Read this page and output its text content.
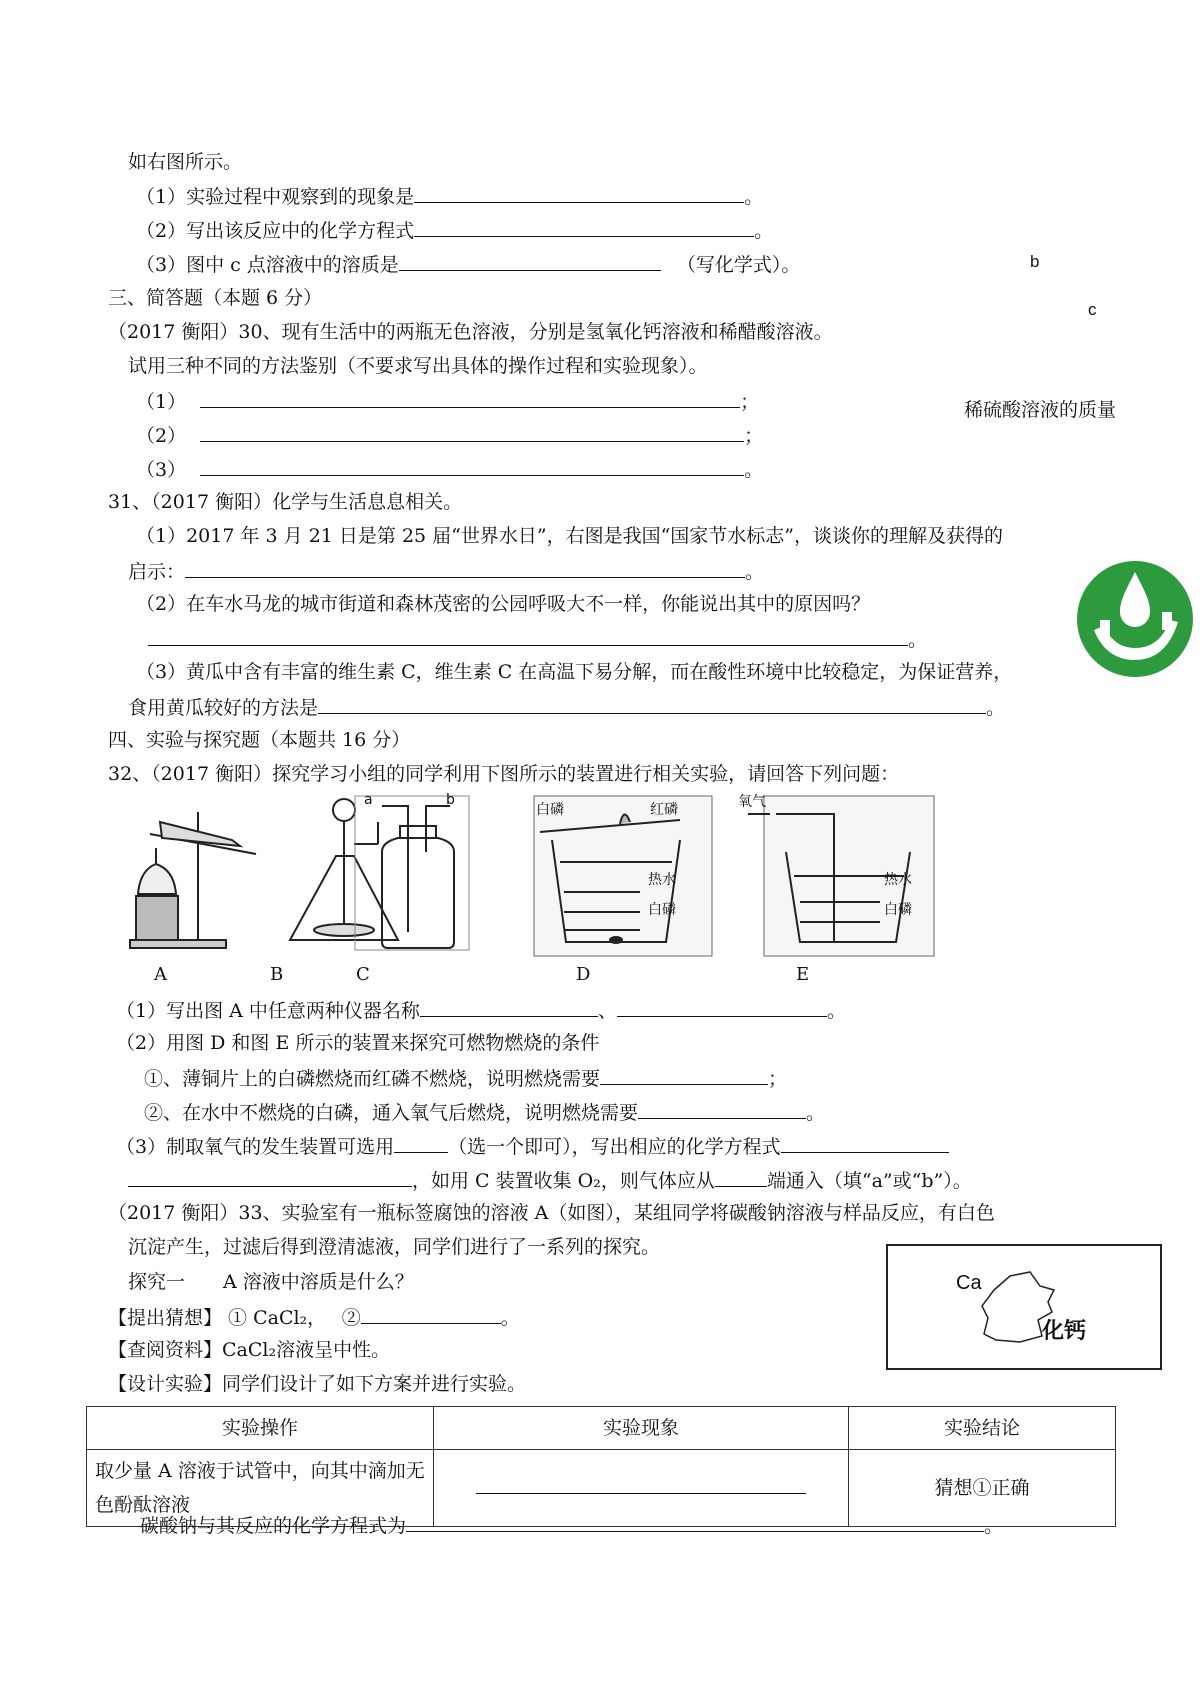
如右图所示。
（1）实验过程中观察到的现象是	。
（2）写出该反应中的化学方程式	。
（3）图中 c 点溶液中的溶质是	（写化学式）。
三、简答题（本题 6 分）
（2017 衡阳）30、现有生活中的两瓶无色溶液，分别是氢氧化钙溶液和稀醋酸溶液。
试用三种不同的方法鉴别（不要求写出具体的操作过程和实验现象）。
（1）	；
（2）	；
（3）	。
31、（2017 衡阳）化学与生活息息相关。
（1）2017 年 3 月 21 日是第 25 届“世界水日”，右图是我国“国家节水标志”，谈谈你的理解及获得的
启示：	。
（2）在车水马龙的城市街道和森林茂密的公园呼吸大不一样，你能说出其中的原因吗？
。
（3）黄瓜中含有丰富的维生素 C，维生素 C 在高温下易分解，而在酸性环境中比较稳定，为保证营养，
食用黄瓜较好的方法是	。
四、实验与探究题（本题共 16 分）
32、（2017 衡阳）探究学习小组的同学利用下图所示的装置进行相关实验，请回答下列问题：
（1）写出图 A 中任意两种仪器名称	、	。
（2）用图 D 和图 E 所示的装置来探究可燃物燃烧的条件
①、薄铜片上的白磷燃烧而红磷不燃烧，说明燃烧需要	；
②、在水中不燃烧的白磷，通入氧气后燃烧，说明燃烧需要	。
（3）制取氧气的发生装置可选用	（选一个即可），写出相应的化学方程式
，如用 C 装置收集 O₂，则气体应从	端通入（填“a”或“b”）。
（2017 衡阳）33、实验室有一瓶标签腐蚀的溶液 A（如图），某组同学将碳酸钠溶液与样品反应，有白色
沉淀产生，过滤后得到澄清滤液，同学们进行了一系列的探究。
探究一　　A 溶液中溶质是什么？
【提出猜想】 ① CaCl₂，　 ②	。
【查阅资料】CaCl₂溶液呈中性。
【设计实验】同学们设计了如下方案并进行实验。
实验操作	实验现象	实验结论
取少量 A 溶液于试管中，向其中滴加无色酚酞溶液		猜想①正确
碳酸钠与其反应的化学方程式为	。
b
c
稀硫酸溶液的质量
a	b
白磷	红磷
热水
白磷
氧气
热水
白磷
A	B	C	D	E
Ca
化钙
